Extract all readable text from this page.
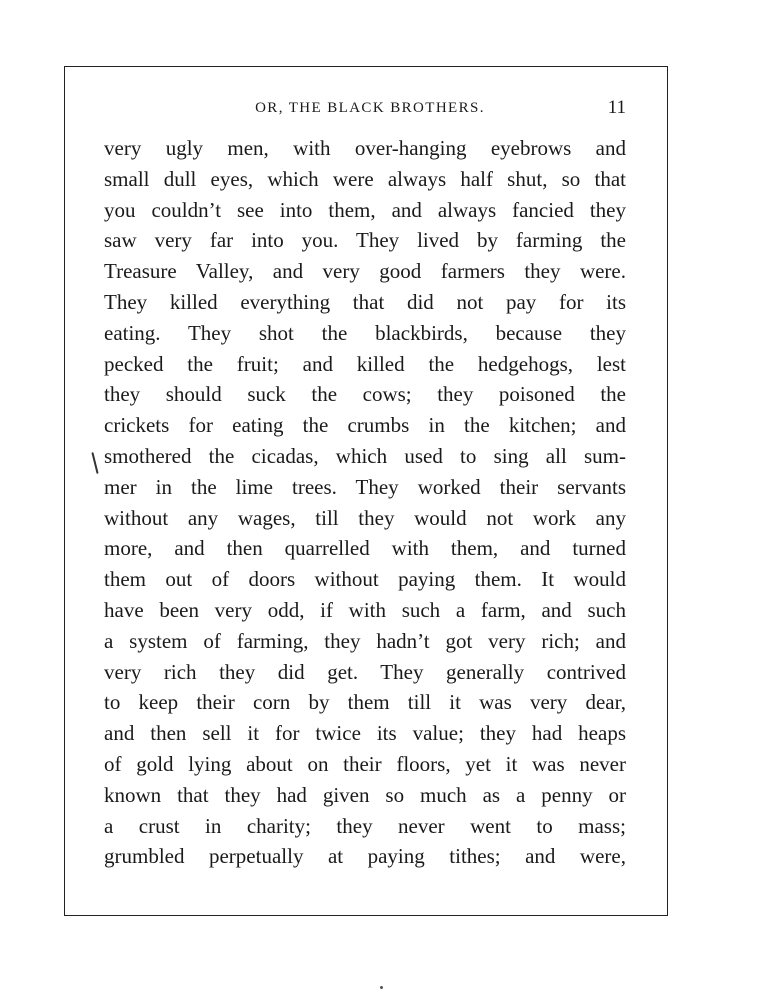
OR, THE BLACK BROTHERS.	11
very ugly men, with over-hanging eyebrows and
small dull eyes, which were always half shut, so that
you couldn’t see into them, and always fancied they
saw very far into you. They lived by farming the
Treasure Valley, and very good farmers they were.
They killed everything that did not pay for its
eating. They shot the blackbirds, because they
pecked the fruit; and killed the hedgehogs, lest
they should suck the cows; they poisoned the
crickets for eating the crumbs in the kitchen; and
smothered the cicadas, which used to sing all sum-
mer in the lime trees. They worked their servants
without any wages, till they would not work any
more, and then quarrelled with them, and turned
them out of doors without paying them. It would
have been very odd, if with such a farm, and such
a system of farming, they hadn’t got very rich; and
very rich they did get. They generally contrived
to keep their corn by them till it was very dear,
and then sell it for twice its value; they had heaps
of gold lying about on their floors, yet it was never
known that they had given so much as a penny or
a crust in charity; they never went to mass;
grumbled perpetually at paying tithes; and were,
